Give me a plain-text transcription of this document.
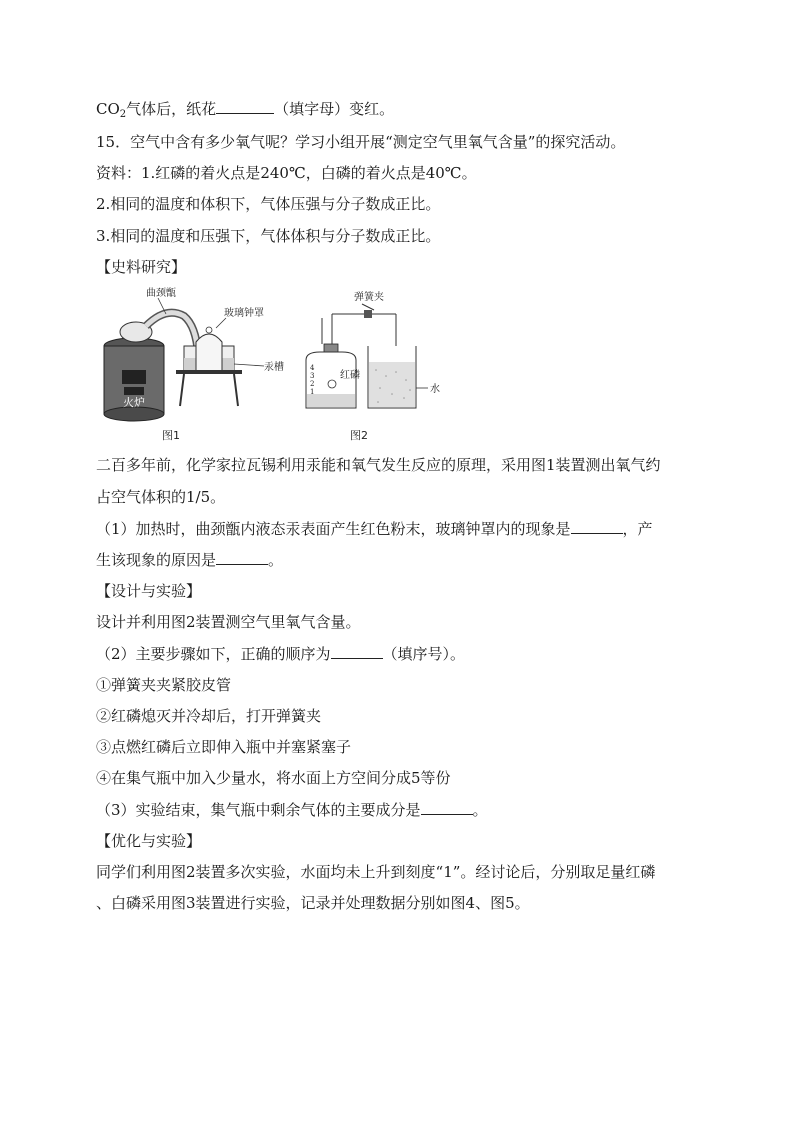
$CO_2$气体后，纸花	（填字母）变红。
15．空气中含有多少氧气呢？学习小组开展“测定空气里氧气含量”的探究活动。
资料：1.红磷的着火点是240℃，白磷的着火点是40℃。
2.相同的温度和体积下，气体压强与分子数成正比。
3.相同的温度和压强下，气体体积与分子数成正比。
【史料研究】
火炉
曲颈甑
玻璃钟罩
汞槽
图1
弹簧夹
4
3
2
1
红磷
水
图2
二百多年前，化学家拉瓦锡利用汞能和氧气发生反应的原理，采用图1装置测出氧气约
占空气体积的1/5。
（1）加热时，曲颈甑内液态汞表面产生红色粉末，玻璃钟罩内的现象是	，产
生该现象的原因是	。
【设计与实验】
设计并利用图2装置测空气里氧气含量。
（2）主要步骤如下，正确的顺序为	（填序号）。
①弹簧夹夹紧胶皮管
②红磷熄灭并冷却后，打开弹簧夹
③点燃红磷后立即伸入瓶中并塞紧塞子
④在集气瓶中加入少量水，将水面上方空间分成5等份
（3）实验结束，集气瓶中剩余气体的主要成分是	。
【优化与实验】
同学们利用图2装置多次实验，水面均未上升到刻度“1”。经讨论后，分别取足量红磷
、白磷采用图3装置进行实验，记录并处理数据分别如图4、图5。
